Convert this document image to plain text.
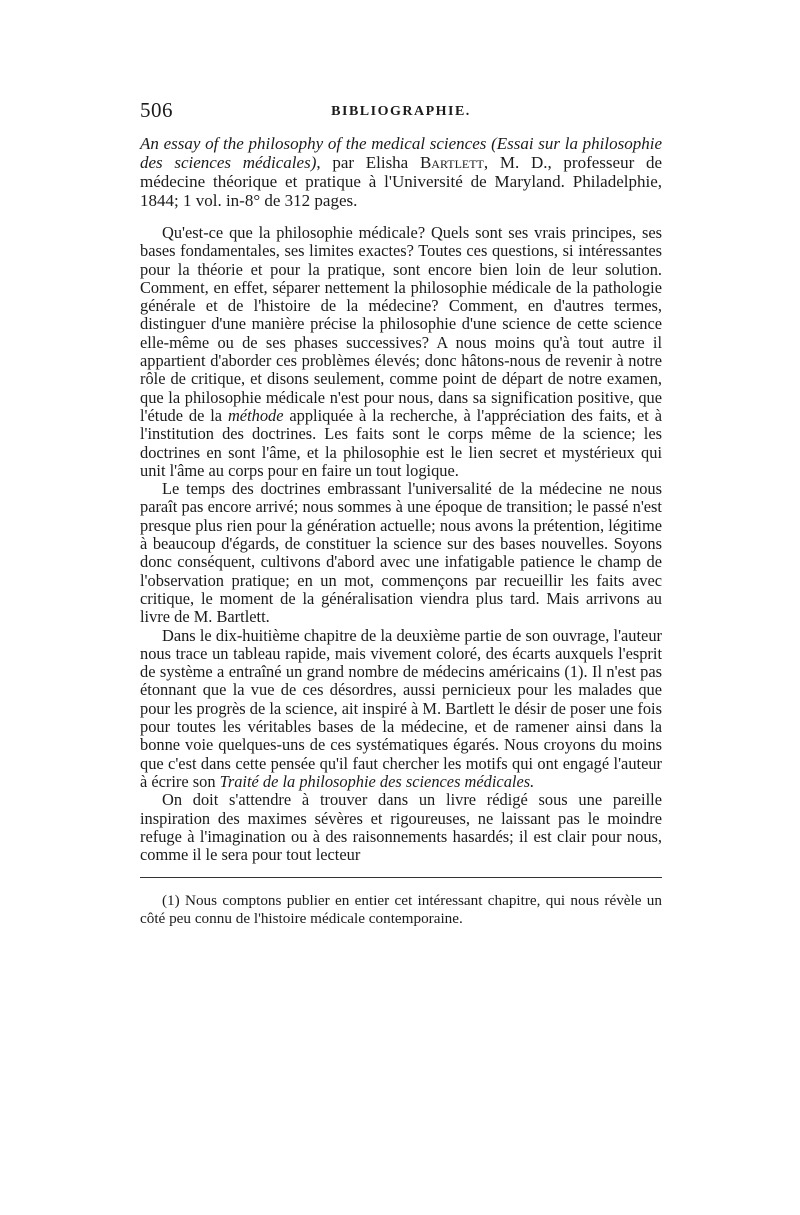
506	BIBLIOGRAPHIE.
An essay of the philosophy of the medical sciences (Essai sur la philosophie des sciences médicales), par Elisha Bartlett, M. D., professeur de médecine théorique et pratique à l'Université de Maryland. Philadelphie, 1844; 1 vol. in-8° de 312 pages.

Qu'est-ce que la philosophie médicale? Quels sont ses vrais principes, ses bases fondamentales, ses limites exactes? Toutes ces questions, si intéressantes pour la théorie et pour la pratique, sont encore bien loin de leur solution. Comment, en effet, séparer nettement la philosophie médicale de la pathologie générale et de l'histoire de la médecine? Comment, en d'autres termes, distinguer d'une manière précise la philosophie d'une science de cette science elle-même ou de ses phases successives? A nous moins qu'à tout autre il appartient d'aborder ces problèmes élevés; donc hâtons-nous de revenir à notre rôle de critique, et disons seulement, comme point de départ de notre examen, que la philosophie médicale n'est pour nous, dans sa signification positive, que l'étude de la méthode appliquée à la recherche, à l'appréciation des faits, et à l'institution des doctrines. Les faits sont le corps même de la science; les doctrines en sont l'âme, et la philosophie est le lien secret et mystérieux qui unit l'âme au corps pour en faire un tout logique.

Le temps des doctrines embrassant l'universalité de la médecine ne nous paraît pas encore arrivé; nous sommes à une époque de transition; le passé n'est presque plus rien pour la génération actuelle; nous avons la prétention, légitime à beaucoup d'égards, de constituer la science sur des bases nouvelles. Soyons donc conséquent, cultivons d'abord avec une infatigable patience le champ de l'observation pratique; en un mot, commençons par recueillir les faits avec critique, le moment de la généralisation viendra plus tard. Mais arrivons au livre de M. Bartlett.

Dans le dix-huitième chapitre de la deuxième partie de son ouvrage, l'auteur nous trace un tableau rapide, mais vivement coloré, des écarts auxquels l'esprit de système a entraîné un grand nombre de médecins américains (1). Il n'est pas étonnant que la vue de ces désordres, aussi pernicieux pour les malades que pour les progrès de la science, ait inspiré à M. Bartlett le désir de poser une fois pour toutes les véritables bases de la médecine, et de ramener ainsi dans la bonne voie quelques-uns de ces systématiques égarés. Nous croyons du moins que c'est dans cette pensée qu'il faut chercher les motifs qui ont engagé l'auteur à écrire son Traité de la philosophie des sciences médicales.

On doit s'attendre à trouver dans un livre rédigé sous une pareille inspiration des maximes sévères et rigoureuses, ne laissant pas le moindre refuge à l'imagination ou à des raisonnements hasardés; il est clair pour nous, comme il le sera pour tout lecteur

(1) Nous comptons publier en entier cet intéressant chapitre, qui nous révèle un côté peu connu de l'histoire médicale contemporaine.
